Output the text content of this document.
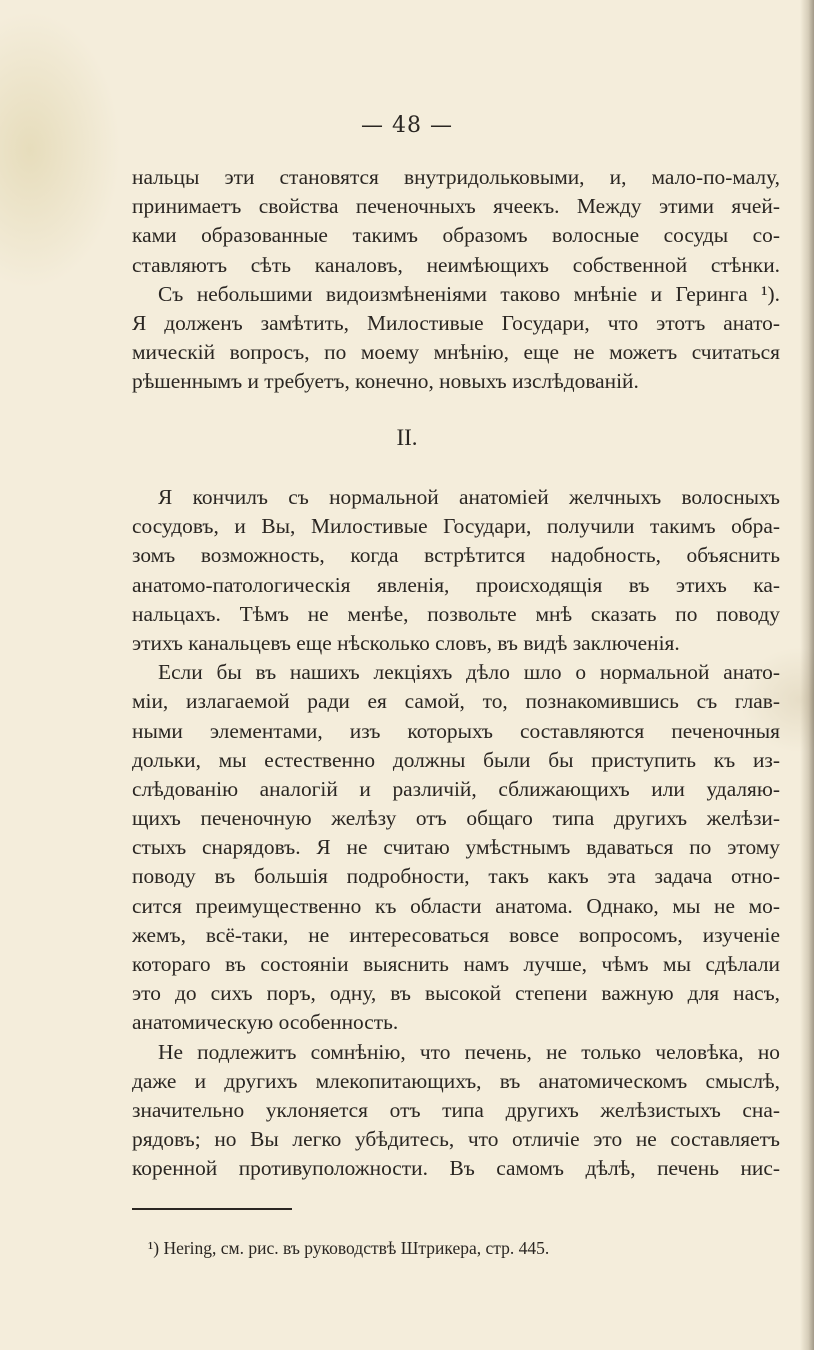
— 48 —
нальцы эти становятся внутридольковыми, и, мало-по-малу,
принимаетъ свойства печеночныхъ ячеекъ. Между этими ячей-
ками образованные такимъ образомъ волосные сосуды со-
ставляютъ сѣть каналовъ, неимѣющихъ собственной стѣнки.
Съ небольшими видоизмѣненіями таково мнѣніе и Геринга ¹).
Я долженъ замѣтить, Милостивые Государи, что этотъ анато-
мическій вопросъ, по моему мнѣнію, еще не можетъ считаться
рѣшеннымъ и требуетъ, конечно, новыхъ изслѣдованій.
II.
Я кончилъ съ нормальной анатоміей желчныхъ волосныхъ
сосудовъ, и Вы, Милостивые Государи, получили такимъ обра-
зомъ возможность, когда встрѣтится надобность, объяснить
анатомо-патологическія явленія, происходящія въ этихъ ка-
нальцахъ. Тѣмъ не менѣе, позвольте мнѣ сказать по поводу
этихъ канальцевъ еще нѣсколько словъ, въ видѣ заключенія.
Если бы въ нашихъ лекціяхъ дѣло шло о нормальной анато-
міи, излагаемой ради ея самой, то, познакомившись съ глав-
ными элементами, изъ которыхъ составляются печеночныя
дольки, мы естественно должны были бы приступить къ из-
слѣдованію аналогій и различій, сближающихъ или удаляю-
щихъ печеночную желѣзу отъ общаго типа другихъ желѣзи-
стыхъ снарядовъ. Я не считаю умѣстнымъ вдаваться по этому
поводу въ большія подробности, такъ какъ эта задача отно-
сится преимущественно къ области анатома. Однако, мы не мо-
жемъ, всё-таки, не интересоваться вовсе вопросомъ, изученіе
котораго въ состояніи выяснить намъ лучше, чѣмъ мы сдѣлали
это до сихъ поръ, одну, въ высокой степени важную для насъ,
анатомическую особенность.
Не подлежитъ сомнѣнію, что печень, не только человѣка, но
даже и другихъ млекопитающихъ, въ анатомическомъ смыслѣ,
значительно уклоняется отъ типа другихъ желѣзистыхъ сна-
рядовъ; но Вы легко убѣдитесь, что отличіе это не составляетъ
коренной противуположности. Въ самомъ дѣлѣ, печень нис-
¹) Hering, см. рис. въ руководствѣ Штрикера, стр. 445.
